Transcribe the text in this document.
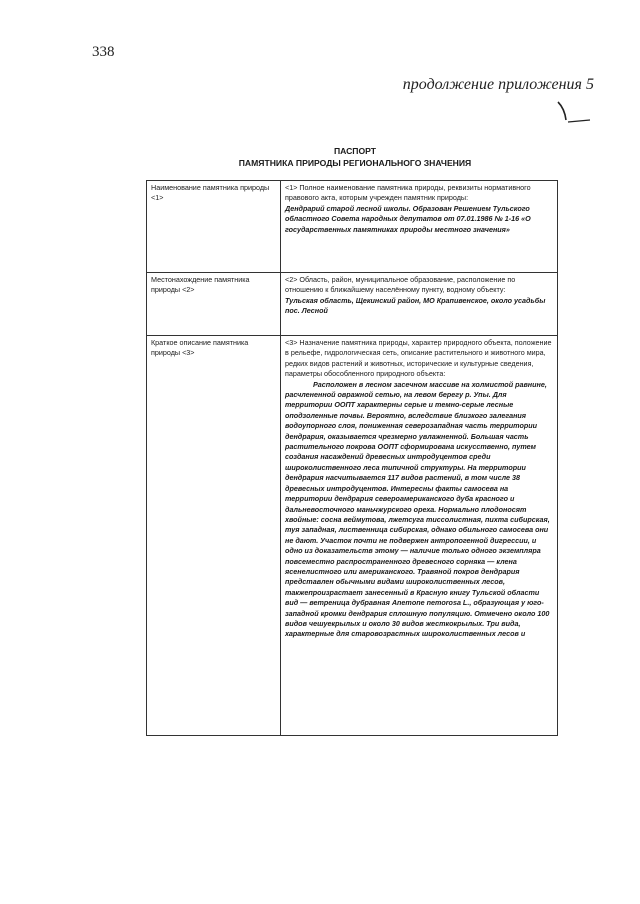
338
продолжение приложения 5
ПАСПОРТ
ПАМЯТНИКА ПРИРОДЫ РЕГИОНАЛЬНОГО ЗНАЧЕНИЯ
Наименование памятника природы <1>	<1> Полное наименование памятника природы, реквизиты нормативного правового акта, которым учрежден памятник природы:
Дендрарий старой лесной школы. Образован Решением Тульского областного Совета народных депутатов от 07.01.1986 № 1-16 «О государственных памятниках природы местного значения»

Местонахождение памятника природы <2>	<2> Область, район, муниципальное образование, расположение по отношению к ближайшему населённому пункту, водному объекту:
Тульская область, Щекинский район, МО Крапивенское, около усадьбы пос. Лесной

Краткое описание памятника природы <3>	<3> Назначение памятника природы, характер природного объекта, положение в рельефе, гидрологическая сеть, описание растительного и животного мира, редких видов растений и животных, исторические и культурные сведения, параметры обособленного природного объекта:
Расположен в лесном засечном массиве на холмистой равнине, расчлененной овражной сетью, на левом берегу р. Упы. Для территории ООПТ характерны серые и темно-серые лесные оподзоленные почвы. Вероятно, вследствие близкого залегания водоупорного слоя, пониженная северозападная часть территории дендрария, оказывается чрезмерно увлажненной. Большая часть растительного покрова ООПТ сформирована искусственно, путем создания насаждений древесных интродуцентов среди широколиственного леса типичной структуры. На территории дендрария насчитывается 117 видов растений, в том числе 38 древесных интродуцентов. Интересны факты самосева на территории дендрария североамериканского дуба красного и дальневосточного маньчжурского ореха. Нормально плодоносят хвойные: сосна веймутова, лжетсуга тиссолистная, пихта сибирская, туя западная, лиственница сибирская, однако обильного самосева они не дают. Участок почти не подвержен антропогенной дигрессии, и одно из доказательств этому — наличие только одного экземпляра повсеместно распространенного древесного сорняка — клена ясенелистного или американского. Травяной покров дендрария представлен обычными видами широколиственных лесов, такжепроизрастает занесенный в Красную книгу Тульской области вид — ветреница дубравная Anemone nemorosa L., образующая у юго-западной кромки дендрария сплошную популяцию. Отмечено около 100 видов чешуекрылых и около 30 видов жесткокрылых. Три вида, характерные для старовозрастных широколиственных лесов и
